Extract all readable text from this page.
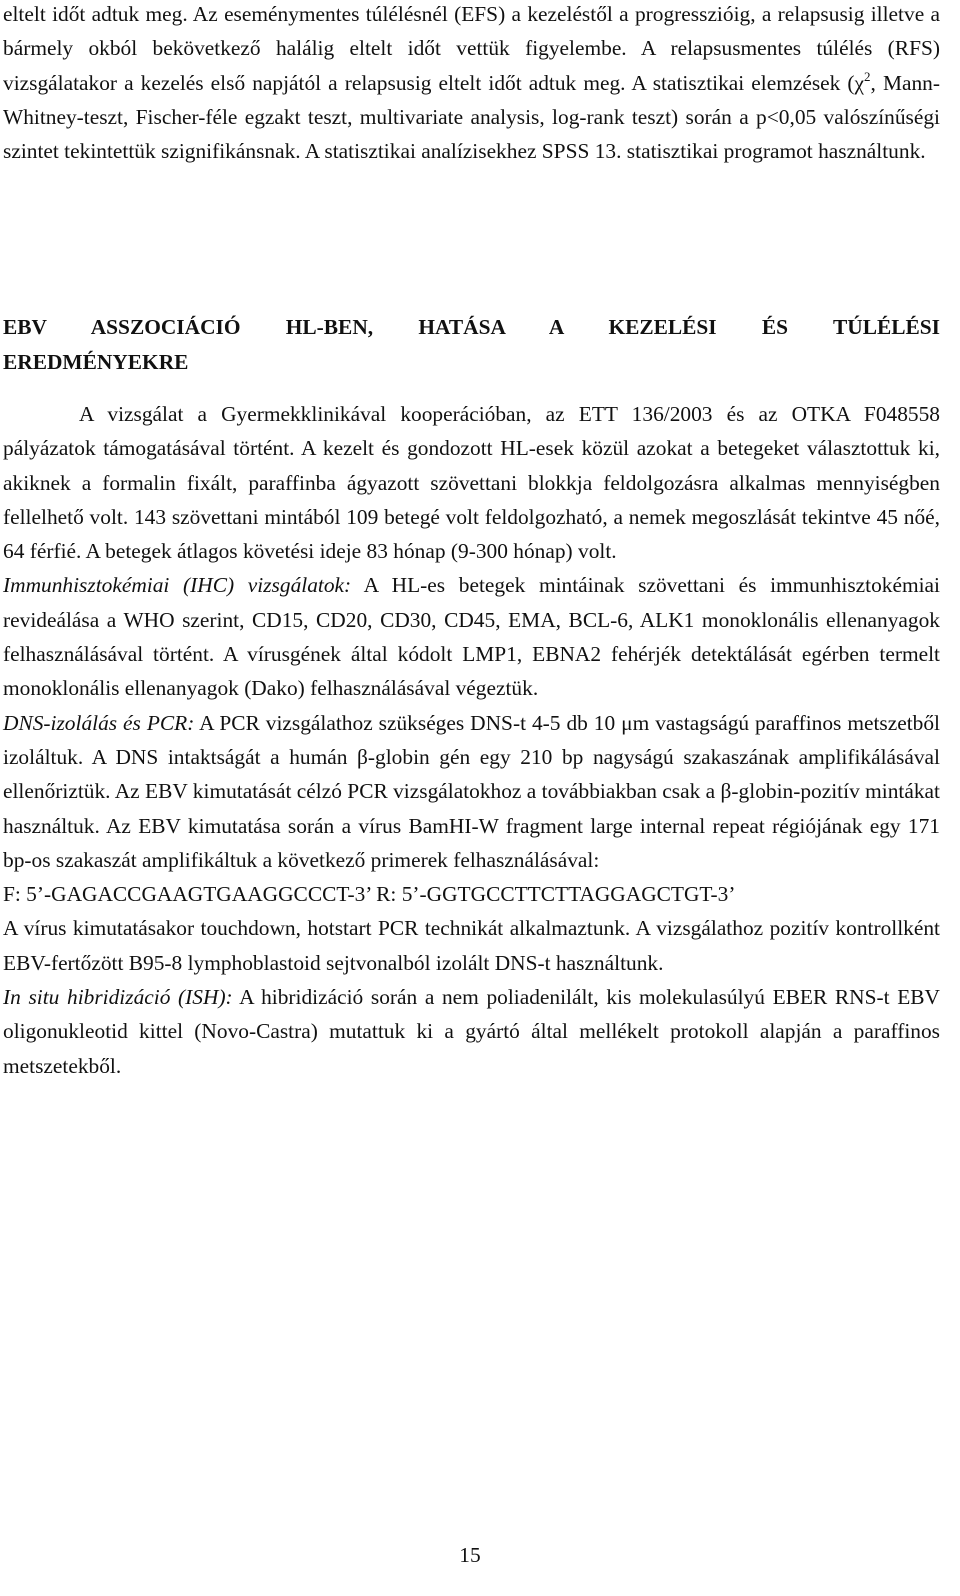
eltelt időt adtuk meg. Az eseménymentes túlélésnél (EFS) a kezeléstől a progresszióig, a relapsusig illetve a bármely okból bekövetkező halálig eltelt időt vettük figyelembe. A relapsusmentes túlélés (RFS) vizsgálatakor a kezelés első napjától a relapsusig eltelt időt adtuk meg. A statisztikai elemzések ($\chi^2$, Mann-Whitney-teszt, Fischer-féle egzakt teszt, multivariate analysis, log-rank teszt) során a p<0,05 valószínűségi szintet tekintettük szignifikánsnak. A statisztikai analízisekhez SPSS 13. statisztikai programot használtunk.

EBV ASSZOCIÁCIÓ HL-BEN, HATÁSA A KEZELÉSI ÉS TÚLÉLÉSI
EREDMÉNYEKRE

A vizsgálat a Gyermekklinikával kooperációban, az ETT 136/2003 és az OTKA F048558 pályázatok támogatásával történt. A kezelt és gondozott HL-esek közül azokat a betegeket választottuk ki, akiknek a formalin fixált, paraffinba ágyazott szövettani blokkja feldolgozásra alkalmas mennyiségben fellelhető volt. 143 szövettani mintából 109 betegé volt feldolgozható, a nemek megoszlását tekintve 45 nőé, 64 férfié. A betegek átlagos követési ideje 83 hónap (9-300 hónap) volt.

Immunhisztokémiai (IHC) vizsgálatok: A HL-es betegek mintáinak szövettani és immunhisztokémiai revideálása a WHO szerint, CD15, CD20, CD30, CD45, EMA, BCL-6, ALK1 monoklonális ellenanyagok felhasználásával történt. A vírusgének által kódolt LMP1, EBNA2 fehérjék detektálását egérben termelt monoklonális ellenanyagok (Dako) felhasználásával végeztük.

DNS-izolálás és PCR: A PCR vizsgálathoz szükséges DNS-t 4-5 db 10 μm vastagságú paraffinos metszetből izoláltuk. A DNS intaktságát a humán β-globin gén egy 210 bp nagyságú szakaszának amplifikálásával ellenőriztük. Az EBV kimutatását célzó PCR vizsgálatokhoz a továbbiakban csak a β-globin-pozitív mintákat használtuk. Az EBV kimutatása során a vírus BamHI-W fragment large internal repeat régiójának egy 171 bp-os szakaszát amplifikáltuk a következő primerek felhasználásával:

F: 5’-GAGACCGAAGTGAAGGCCCT-3’ R: 5’-GGTGCCTTCTTAGGAGCTGT-3’

A vírus kimutatásakor touchdown, hotstart PCR technikát alkalmaztunk. A vizsgálathoz pozitív kontrollként EBV-fertőzött B95-8 lymphoblastoid sejtvonalból izolált DNS-t használtunk.

In situ hibridizáció (ISH): A hibridizáció során a nem poliadenilált, kis molekulasúlyú EBER RNS-t EBV oligonukleotid kittel (Novo-Castra) mutattuk ki a gyártó által mellékelt protokoll alapján a paraffinos metszetekből.

15
